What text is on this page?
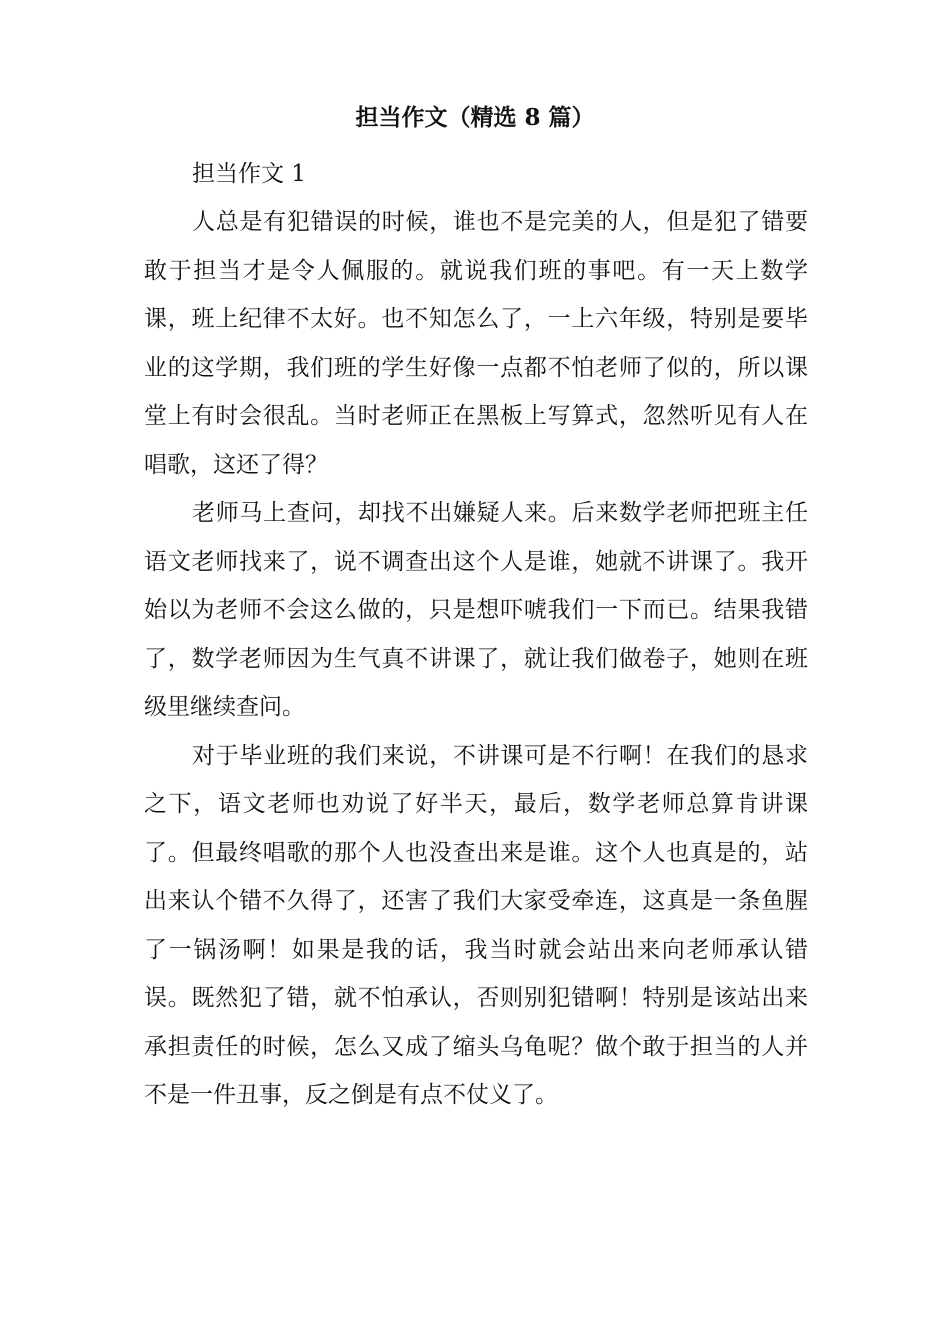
担当作文（精选 8 篇）

担当作文 1

人总是有犯错误的时候，谁也不是完美的人，但是犯了错要敢于担当才是令人佩服的。就说我们班的事吧。有一天上数学课，班上纪律不太好。也不知怎么了，一上六年级，特别是要毕业的这学期，我们班的学生好像一点都不怕老师了似的，所以课堂上有时会很乱。当时老师正在黑板上写算式，忽然听见有人在唱歌，这还了得？

老师马上查问，却找不出嫌疑人来。后来数学老师把班主任语文老师找来了，说不调查出这个人是谁，她就不讲课了。我开始以为老师不会这么做的，只是想吓唬我们一下而已。结果我错了，数学老师因为生气真不讲课了，就让我们做卷子，她则在班级里继续查问。

对于毕业班的我们来说，不讲课可是不行啊！在我们的恳求之下，语文老师也劝说了好半天，最后，数学老师总算肯讲课了。但最终唱歌的那个人也没查出来是谁。这个人也真是的，站出来认个错不久得了，还害了我们大家受牵连，这真是一条鱼腥了一锅汤啊！如果是我的话，我当时就会站出来向老师承认错误。既然犯了错，就不怕承认，否则别犯错啊！特别是该站出来承担责任的时候，怎么又成了缩头乌龟呢？做个敢于担当的人并不是一件丑事，反之倒是有点不仗义了。
